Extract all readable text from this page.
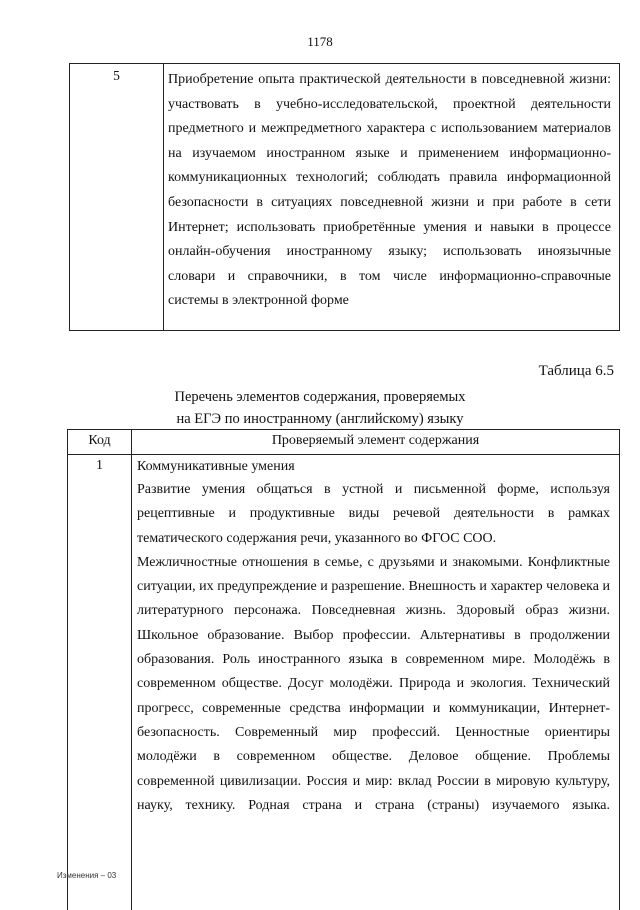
1178
5	Приобретение опыта практической деятельности в повседневной жизни: участвовать в учебно-исследовательской, проектной деятельности предметного и межпредметного характера с использованием материалов на изучаемом иностранном языке и применением информационно-коммуникационных технологий; соблюдать правила информационной безопасности в ситуациях повседневной жизни и при работе в сети Интернет; использовать приобретённые умения и навыки в процессе онлайн-обучения иностранному языку; использовать иноязычные словари и справочники, в том числе информационно-справочные системы в электронной форме
Таблица 6.5
Перечень элементов содержания, проверяемых
на ЕГЭ по иностранному (английскому) языку
Код	Проверяемый элемент содержания
1	Коммуникативные умения

Развитие умения общаться в устной и письменной форме, используя рецептивные и продуктивные виды речевой деятельности в рамках тематического содержания речи, указанного во ФГОС СОО.

Межличностные отношения в семье, с друзьями и знакомыми. Конфликтные ситуации, их предупреждение и разрешение. Внешность и характер человека и литературного персонажа. Повседневная жизнь. Здоровый образ жизни. Школьное образование. Выбор профессии. Альтернативы в продолжении образования. Роль иностранного языка в современном мире. Молодёжь в современном обществе. Досуг молодёжи. Природа и экология. Технический прогресс, современные средства информации и коммуникации, Интернет-безопасность. Современный мир профессий. Ценностные ориентиры молодёжи в современном обществе. Деловое общение. Проблемы современной цивилизации. Россия и мир: вклад России в мировую культуру, науку, технику. Родная страна и страна (страны) изучаемого языка.

Изменения – 03
